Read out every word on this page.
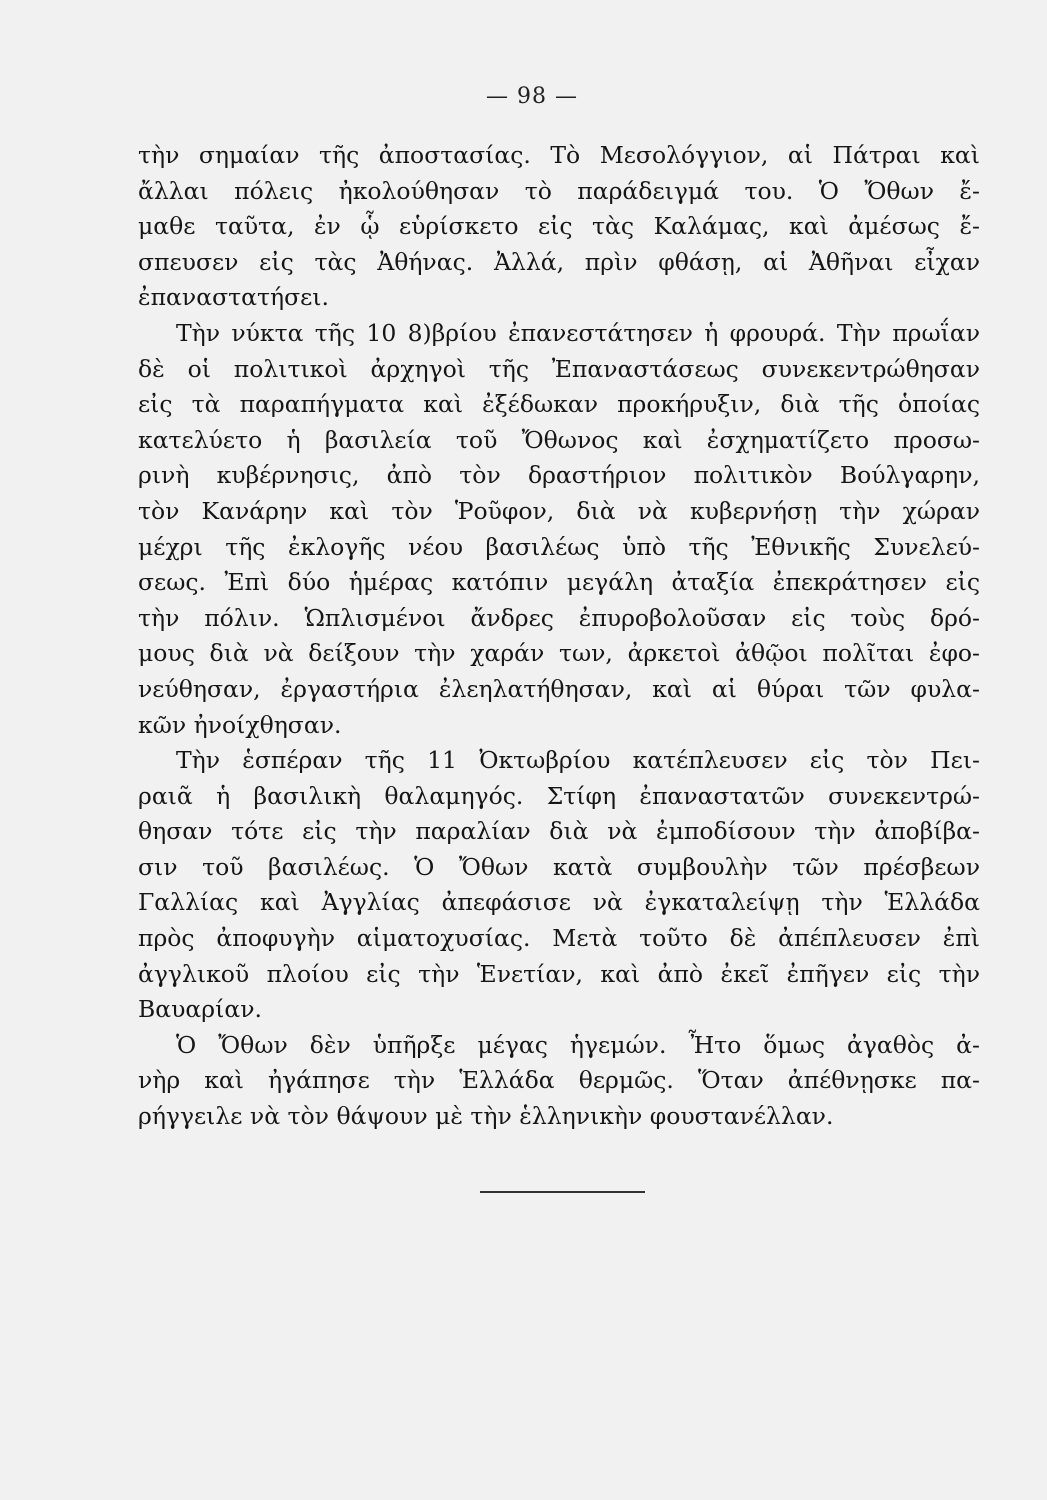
— 98 —
τὴν σημαίαν τῆς ἀποστασίας. Τὸ Μεσολόγγιον, αἱ Πάτραι καὶ
ἄλλαι πόλεις ἠκολούθησαν τὸ παράδειγμά του. Ὁ Ὄθων ἔ-
μαθε ταῦτα, ἐν ᾧ εὑρίσκετο εἰς τὰς Καλάμας, καὶ ἀμέσως ἔ-
σπευσεν εἰς τὰς Ἀθήνας. Ἀλλά, πρὶν φθάσῃ, αἱ Ἀθῆναι εἶχαν
ἐπαναστατήσει.
Τὴν νύκτα τῆς 10 8)βρίου ἐπανεστάτησεν ἡ φρουρά. Τὴν πρωΐαν
δὲ οἱ πολιτικοὶ ἀρχηγοὶ τῆς Ἐπαναστάσεως συνεκεντρώθησαν
εἰς τὰ παραπήγματα καὶ ἐξέδωκαν προκήρυξιν, διὰ τῆς ὁποίας
κατελύετο ἡ βασιλεία τοῦ Ὄθωνος καὶ ἐσχηματίζετο προσω-
ρινὴ κυβέρνησις, ἀπὸ τὸν δραστήριον πολιτικὸν Βούλγαρην,
τὸν Κανάρην καὶ τὸν Ῥοῦφον, διὰ νὰ κυβερνήσῃ τὴν χώραν
μέχρι τῆς ἐκλογῆς νέου βασιλέως ὑπὸ τῆς Ἐθνικῆς Συνελεύ-
σεως. Ἐπὶ δύο ἡμέρας κατόπιν μεγάλη ἀταξία ἐπεκράτησεν εἰς
τὴν πόλιν. Ὡπλισμένοι ἄνδρες ἐπυροβολοῦσαν εἰς τοὺς δρό-
μους διὰ νὰ δείξουν τὴν χαράν των, ἀρκετοὶ ἀθῷοι πολῖται ἐφο-
νεύθησαν, ἐργαστήρια ἐλεηλατήθησαν, καὶ αἱ θύραι τῶν φυλα-
κῶν ἠνοίχθησαν.
Τὴν ἑσπέραν τῆς 11 Ὀκτωβρίου κατέπλευσεν εἰς τὸν Πει-
ραιᾶ ἡ βασιλικὴ θαλαμηγός. Στίφη ἐπαναστατῶν συνεκεντρώ-
θησαν τότε εἰς τὴν παραλίαν διὰ νὰ ἐμποδίσουν τὴν ἀποβίβα-
σιν τοῦ βασιλέως. Ὁ Ὄθων κατὰ συμβουλὴν τῶν πρέσβεων
Γαλλίας καὶ Ἀγγλίας ἀπεφάσισε νὰ ἐγκαταλείψῃ τὴν Ἑλλάδα
πρὸς ἀποφυγὴν αἱματοχυσίας. Μετὰ τοῦτο δὲ ἀπέπλευσεν ἐπὶ
ἀγγλικοῦ πλοίου εἰς τὴν Ἑνετίαν, καὶ ἀπὸ ἐκεῖ ἐπῆγεν εἰς τὴν
Βαυαρίαν.
Ὁ Ὄθων δὲν ὑπῆρξε μέγας ἡγεμών. Ἦτο ὅμως ἀγαθὸς ἀ-
νὴρ καὶ ἠγάπησε τὴν Ἑλλάδα θερμῶς. Ὅταν ἀπέθνῃσκε πα-
ρήγγειλε νὰ τὸν θάψουν μὲ τὴν ἑλληνικὴν φουστανέλλαν.
